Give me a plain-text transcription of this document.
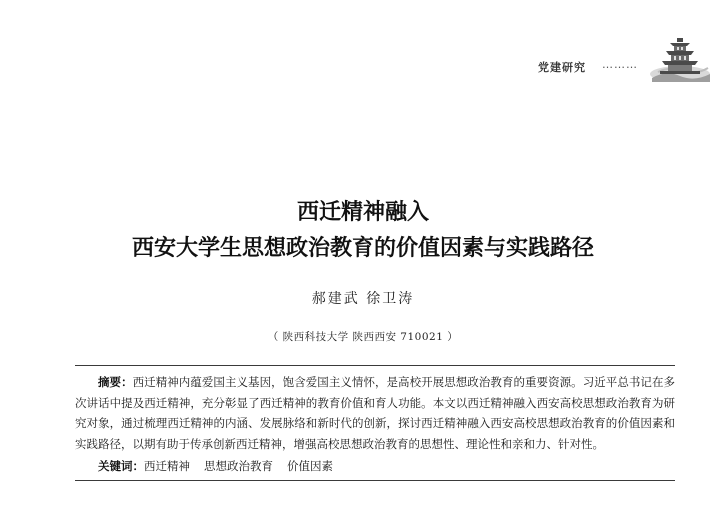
党建研究 ………
西迁精神融入
西安大学生思想政治教育的价值因素与实践路径
郝建武 徐卫涛
（ 陕西科技大学 陕西西安 710021 ）

摘要：西迁精神内蕴爱国主义基因，饱含爱国主义情怀，是高校开展思想政治教育的重要资源。习近平总书记在多次讲话中提及西迁精神，充分彰显了西迁精神的教育价值和育人功能。本文以西迁精神融入西安高校思想政治教育为研究对象，通过梳理西迁精神的内涵、发展脉络和新时代的创新，探讨西迁精神融入西安高校思想政治教育的价值因素和实践路径，以期有助于传承创新西迁精神，增强高校思想政治教育的思想性、理论性和亲和力、针对性。

关键词：西迁精神 思想政治教育 价值因素
